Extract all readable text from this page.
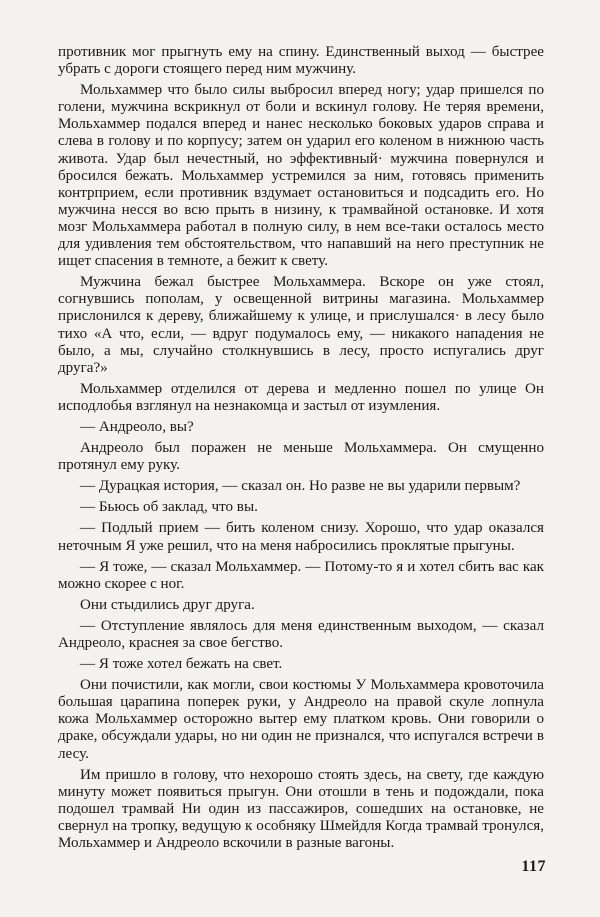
противник мог прыгнуть ему на спину. Единственный выход — быстрее убрать с дороги стоящего перед ним мужчину.

Мольхаммер что было силы выбросил вперед ногу; удар пришелся по голени, мужчина вскрикнул от боли и вскинул голову. Не теряя времени, Мольхаммер подался вперед и нанес несколько боковых ударов справа и слева в голову и по корпусу; затем он ударил его коленом в нижнюю часть живота. Удар был нечестный, но эффективный· мужчина повернулся и бросился бежать. Мольхаммер устремился за ним, готовясь применить контрприем, если противник вздумает остановиться и подсадить его. Но мужчина несся во всю прыть в низину, к трамвайной остановке. И хотя мозг Мольхаммера работал в полную силу, в нем все-таки осталось место для удивления тем обстоятельством, что напавший на него преступник не ищет спасения в темноте, а бежит к свету.

Мужчина бежал быстрее Мольхаммера. Вскоре он уже стоял, согнувшись пополам, у освещенной витрины магазина. Мольхаммер прислонился к дереву, ближайшему к улице, и прислушался· в лесу было тихо «А что, если, — вдруг подумалось ему, — никакого нападения не было, а мы, случайно столкнувшись в лесу, просто испугались друг друга?»

Мольхаммер отделился от дерева и медленно пошел по улице Он исподлобья взглянул на незнакомца и застыл от изумления.

— Андреоло, вы?

Андреоло был поражен не меньше Мольхаммера. Он смущенно протянул ему руку.

— Дурацкая история, — сказал он. Но разве не вы ударили первым?

— Бьюсь об заклад, что вы.

— Подлый прием — бить коленом снизу. Хорошо, что удар оказался неточным Я уже решил, что на меня набросились проклятые прыгуны.

— Я тоже, — сказал Мольхаммер. — Потому-то я и хотел сбить вас как можно скорее с ног.

Они стыдились друг друга.

— Отступление являлось для меня единственным выходом, — сказал Андреоло, краснея за свое бегство.

— Я тоже хотел бежать на свет.

Они почистили, как могли, свои костюмы У Мольхаммера кровоточила большая царапина поперек руки, у Андреоло на правой скуле лопнула кожа Мольхаммер осторожно вытер ему платком кровь. Они говорили о драке, обсуждали удары, но ни один не признался, что испугался встречи в лесу.

Им пришло в голову, что нехорошо стоять здесь, на свету, где каждую минуту может появиться прыгун. Они отошли в тень и подождали, пока подошел трамвай Ни один из пассажиров, сошедших на остановке, не свернул на тропку, ведущую к особняку Шмейдля Когда трамвай тронулся, Мольхаммер и Андреоло вскочили в разные вагоны.

117
